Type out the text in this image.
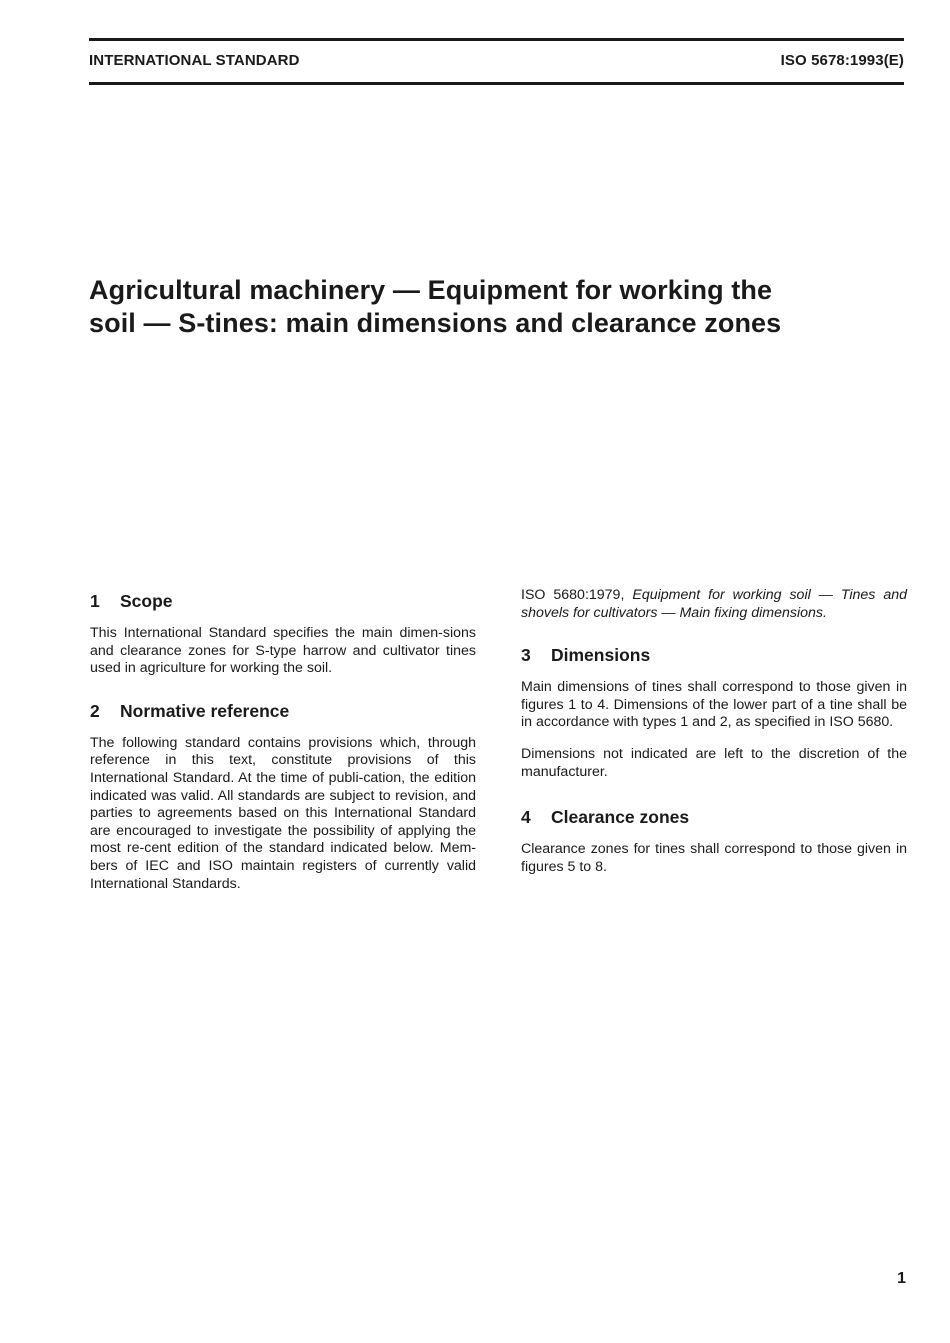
INTERNATIONAL STANDARD	ISO 5678:1993(E)
Agricultural machinery — Equipment for working the
soil — S-tines: main dimensions and clearance zones
1 Scope

This International Standard specifies the main dimen-sions and clearance zones for S-type harrow and cultivator tines used in agriculture for working the soil.

2 Normative reference

The following standard contains provisions which, through reference in this text, constitute provisions of this International Standard. At the time of publi-cation, the edition indicated was valid. All standards are subject to revision, and parties to agreements based on this International Standard are encouraged to investigate the possibility of applying the most re-cent edition of the standard indicated below. Mem-bers of IEC and ISO maintain registers of currently valid International Standards.

ISO 5680:1979, Equipment for working soil — Tines and shovels for cultivators — Main fixing dimensions.

3 Dimensions

Main dimensions of tines shall correspond to those given in figures 1 to 4. Dimensions of the lower part of a tine shall be in accordance with types 1 and 2, as specified in ISO 5680.

Dimensions not indicated are left to the discretion of the manufacturer.

4 Clearance zones

Clearance zones for tines shall correspond to those given in figures 5 to 8.

1
